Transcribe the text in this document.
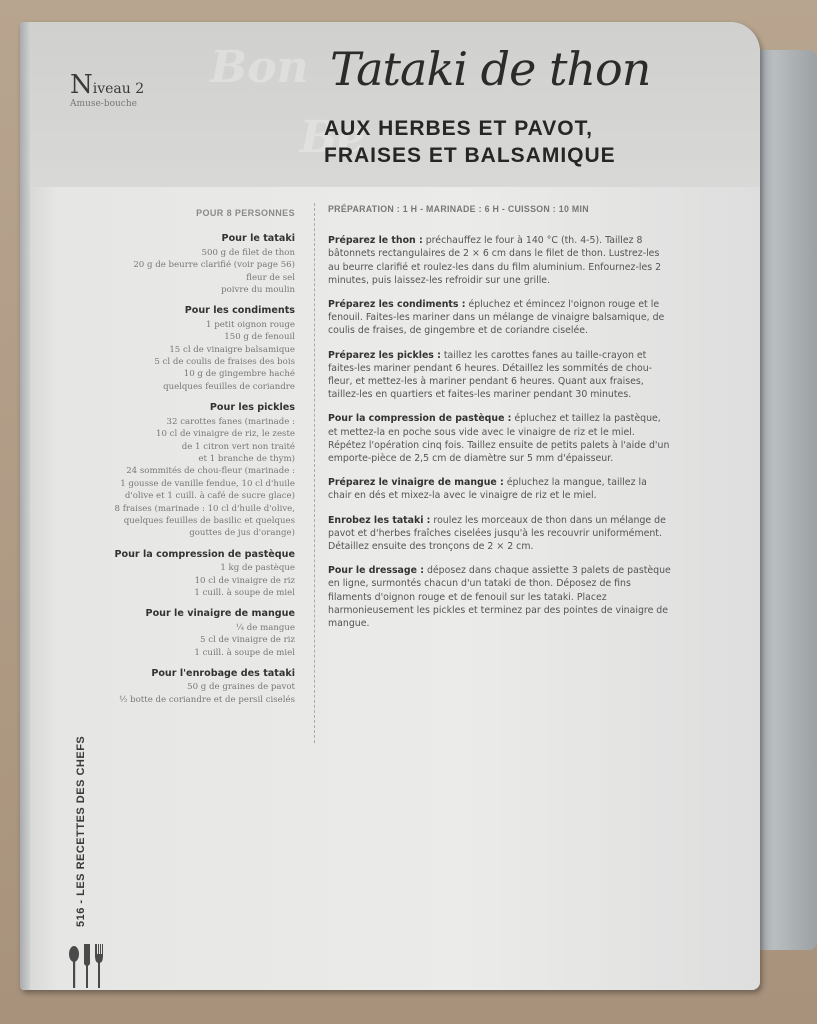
Bon
Be
Niveau 2
Amuse-bouche
Tataki de thon
AUX HERBES ET PAVOT,
FRAISES ET BALSAMIQUE
POUR 8 PERSONNES
Pour le tataki
500 g de filet de thon
20 g de beurre clarifié (voir page 56)
fleur de sel
poivre du moulin
Pour les condiments
1 petit oignon rouge
150 g de fenouil
15 cl de vinaigre balsamique
5 cl de coulis de fraises des bois
10 g de gingembre haché
quelques feuilles de coriandre
Pour les pickles
32 carottes fanes (marinade :
10 cl de vinaigre de riz, le zeste
de 1 citron vert non traité
et 1 branche de thym)
24 sommités de chou-fleur (marinade :
1 gousse de vanille fendue, 10 cl d'huile
d'olive et 1 cuill. à café de sucre glace)
8 fraises (marinade : 10 cl d'huile d'olive,
quelques feuilles de basilic et quelques
gouttes de jus d'orange)
Pour la compression de pastèque
1 kg de pastèque
10 cl de vinaigre de riz
1 cuill. à soupe de miel
Pour le vinaigre de mangue
¼ de mangue
5 cl de vinaigre de riz
1 cuill. à soupe de miel
Pour l'enrobage des tataki
50 g de graines de pavot
½ botte de coriandre et de persil ciselés
PRÉPARATION : 1 H - MARINADE : 6 H - CUISSON : 10 MIN

Préparez le thon : préchauffez le four à 140 °C (th. 4-5). Taillez 8 bâtonnets rectangulaires de 2 × 6 cm dans le filet de thon. Lustrez-les au beurre clarifié et roulez-les dans du film aluminium. Enfournez-les 2 minutes, puis laissez-les refroidir sur une grille.

Préparez les condiments : épluchez et émincez l'oignon rouge et le fenouil. Faites-les mariner dans un mélange de vinaigre balsamique, de coulis de fraises, de gingembre et de coriandre ciselée.

Préparez les pickles : taillez les carottes fanes au taille-crayon et faites-les mariner pendant 6 heures. Détaillez les sommités de chou-fleur, et mettez-les à mariner pendant 6 heures. Quant aux fraises, taillez-les en quartiers et faites-les mariner pendant 30 minutes.

Pour la compression de pastèque : épluchez et taillez la pastèque, et mettez-la en poche sous vide avec le vinaigre de riz et le miel. Répétez l'opération cinq fois. Taillez ensuite de petits palets à l'aide d'un emporte-pièce de 2,5 cm de diamètre sur 5 mm d'épaisseur.

Préparez le vinaigre de mangue : épluchez la mangue, taillez la chair en dés et mixez-la avec le vinaigre de riz et le miel.

Enrobez les tataki : roulez les morceaux de thon dans un mélange de pavot et d'herbes fraîches ciselées jusqu'à les recouvrir uniformément. Détaillez ensuite des tronçons de 2 × 2 cm.

Pour le dressage : déposez dans chaque assiette 3 palets de pastèque en ligne, surmontés chacun d'un tataki de thon. Déposez de fins filaments d'oignon rouge et de fenouil sur les tataki. Placez harmonieusement les pickles et terminez par des pointes de vinaigre de mangue.

516 - LES RECETTES DES CHEFS
